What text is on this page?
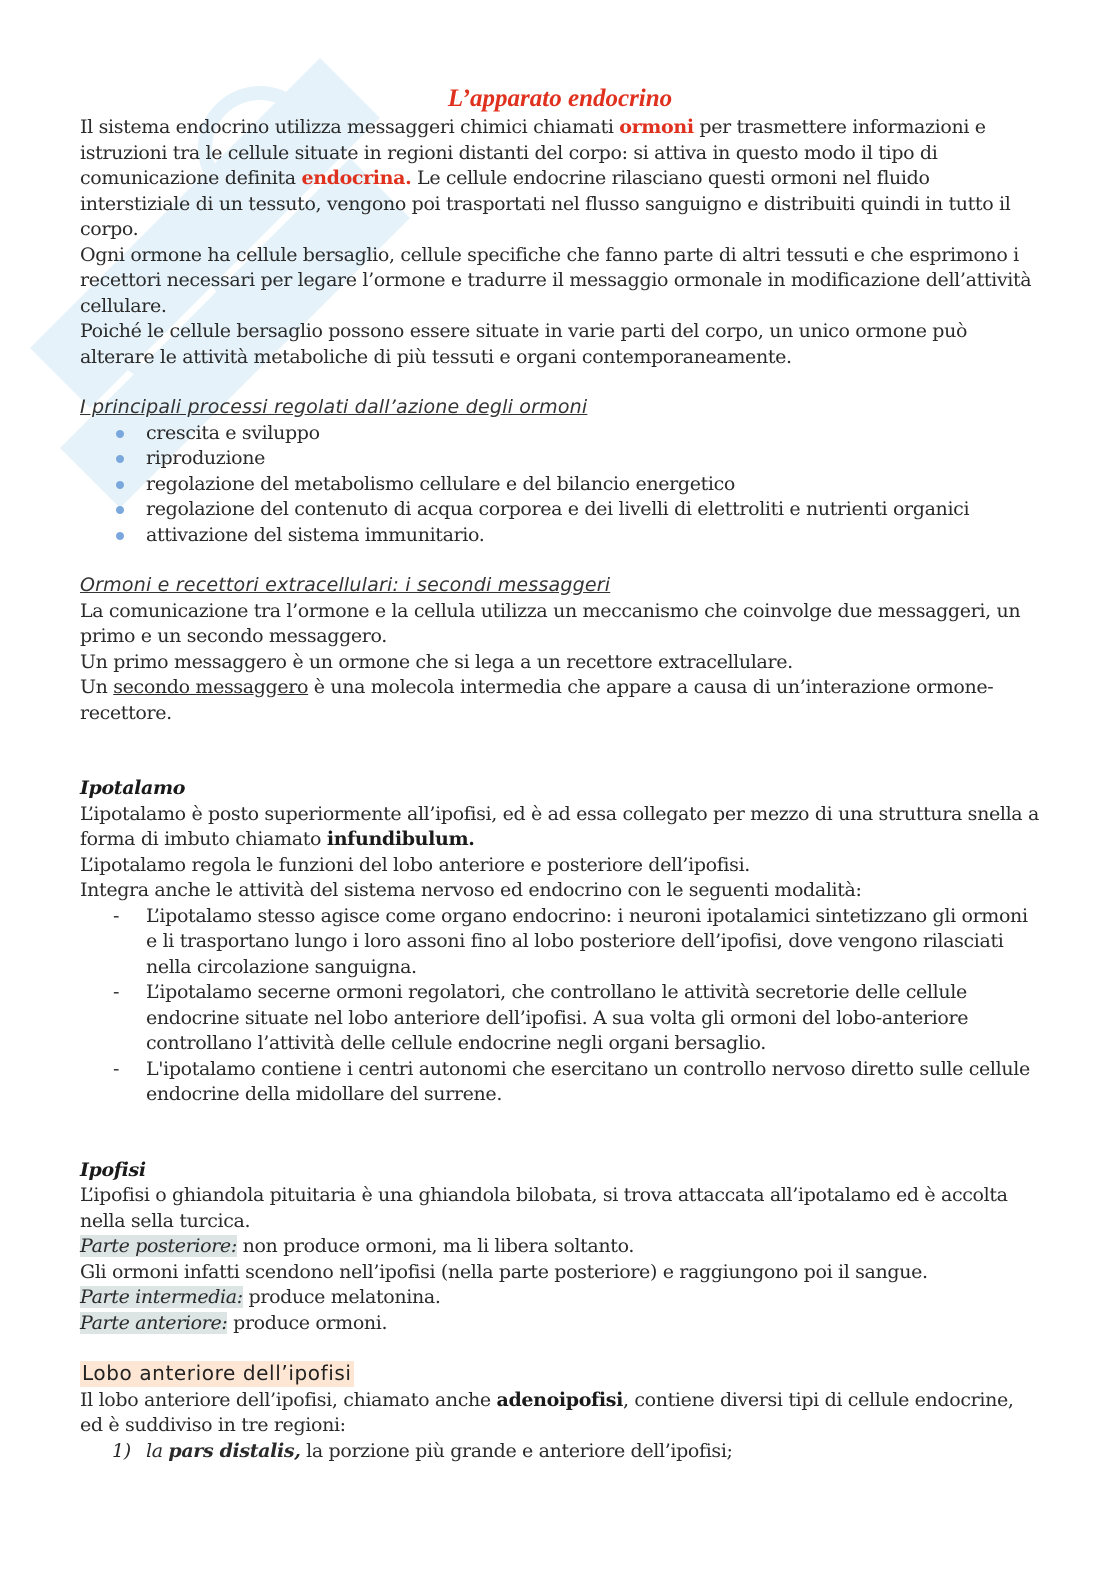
L’apparato endocrino

Il sistema endocrino utilizza messaggeri chimici chiamati ormoni per trasmettere informazioni e istruzioni tra le cellule situate in regioni distanti del corpo: si attiva in questo modo il tipo di comunicazione definita endocrina. Le cellule endocrine rilasciano questi ormoni nel fluido interstiziale di un tessuto, vengono poi trasportati nel flusso sanguigno e distribuiti quindi in tutto il corpo.

Ogni ormone ha cellule bersaglio, cellule specifiche che fanno parte di altri tessuti e che esprimono i recettori necessari per legare l’ormone e tradurre il messaggio ormonale in modificazione dell’attività cellulare.

Poiché le cellule bersaglio possono essere situate in varie parti del corpo, un unico ormone può alterare le attività metaboliche di più tessuti e organi contemporaneamente.

I principali processi regolati dall’azione degli ormoni
crescita e sviluppo
riproduzione
regolazione del metabolismo cellulare e del bilancio energetico
regolazione del contenuto di acqua corporea e dei livelli di elettroliti e nutrienti organici
attivazione del sistema immunitario.
Ormoni e recettori extracellulari: i secondi messaggeri

La comunicazione tra l’ormone e la cellula utilizza un meccanismo che coinvolge due messaggeri, un primo e un secondo messaggero.

Un primo messaggero è un ormone che si lega a un recettore extracellulare.

Un secondo messaggero è una molecola intermedia che appare a causa di un’interazione ormone-recettore.

Ipotalamo

L’ipotalamo è posto superiormente all’ipofisi, ed è ad essa collegato per mezzo di una struttura snella a forma di imbuto chiamato infundibulum.

L’ipotalamo regola le funzioni del lobo anteriore e posteriore dell’ipofisi.

Integra anche le attività del sistema nervoso ed endocrino con le seguenti modalità:

- L’ipotalamo stesso agisce come organo endocrino: i neuroni ipotalamici sintetizzano gli ormoni e li trasportano lungo i loro assoni fino al lobo posteriore dell’ipofisi, dove vengono rilasciati nella circolazione sanguigna.
- L’ipotalamo secerne ormoni regolatori, che controllano le attività secretorie delle cellule endocrine situate nel lobo anteriore dell’ipofisi. A sua volta gli ormoni del lobo-anteriore controllano l’attività delle cellule endocrine negli organi bersaglio.
- L'ipotalamo contiene i centri autonomi che esercitano un controllo nervoso diretto sulle cellule endocrine della midollare del surrene.
Ipofisi

L’ipofisi o ghiandola pituitaria è una ghiandola bilobata, si trova attaccata all’ipotalamo ed è accolta nella sella turcica.

Parte posteriore: non produce ormoni, ma li libera soltanto.

Gli ormoni infatti scendono nell’ipofisi (nella parte posteriore) e raggiungono poi il sangue.

Parte intermedia: produce melatonina.

Parte anteriore: produce ormoni.

Lobo anteriore dell’ipofisi

Il lobo anteriore dell’ipofisi, chiamato anche adenoipofisi, contiene diversi tipi di cellule endocrine, ed è suddiviso in tre regioni:

1) la pars distalis, la porzione più grande e anteriore dell’ipofisi;
